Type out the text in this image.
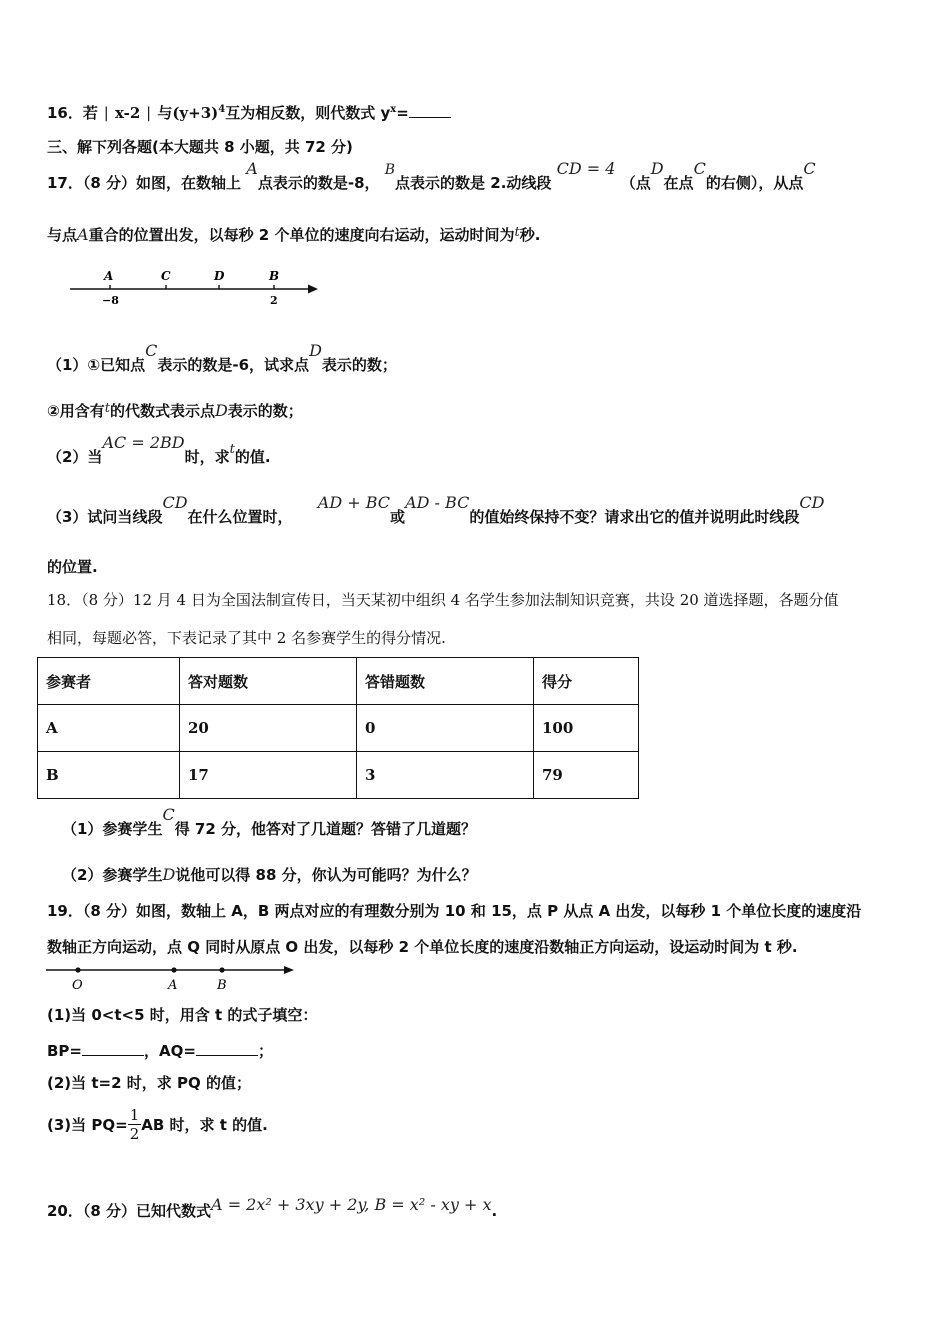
16．若 ∣ x-2 ∣ 与$(y+3)^4$互为相反数，则代数式 $y^x=$
三、解下列各题(本大题共 8 小题，共 72 分)
17．（8 分）如图，在数轴上 A点表示的数是-8， B点表示的数是 2.动线段 CD = 4 （点D在点C的右侧），从点C
与点A重合的位置出发，以每秒 2 个单位的速度向右运动，运动时间为t秒.
A	C	D	B
−8	2
（1）①已知点C表示的数是-6，试求点D表示的数；
②用含有t的代数式表示点D表示的数；
（2）当AC = 2BD时，求t的值.
（3）试问当线段CD在什么位置时， AD + BC或AD - BC的值始终保持不变？请求出它的值并说明此时线段CD
的位置.
18．（8 分）12 月 4 日为全国法制宣传日，当天某初中组织 4 名学生参加法制知识竞赛，共设 20 道选择题，各题分值
相同，每题必答，下表记录了其中 2 名参赛学生的得分情况.
参赛者	答对题数	答错题数	得分
A	20	0	100
B	17	3	79
（1）参赛学生C得 72 分，他答对了几道题？答错了几道题？
（2）参赛学生D说他可以得 88 分，你认为可能吗？为什么？
19．（8 分）如图，数轴上 A，B 两点对应的有理数分别为 10 和 15，点 P 从点 A 出发，以每秒 1 个单位长度的速度沿
数轴正方向运动，点 Q 同时从原点 O 出发，以每秒 2 个单位长度的速度沿数轴正方向运动，设运动时间为 t 秒.
O	A	B
(1)当 0<t<5 时，用含 t 的式子填空：
BP=	，AQ=	；
(2)当 t=2 时，求 PQ 的值；
(3)当 $PQ= \frac{1}{2}$ AB 时，求 t 的值.
20．（8 分）已知代数式A = 2x² + 3xy + 2y, B = x² - xy + x.
